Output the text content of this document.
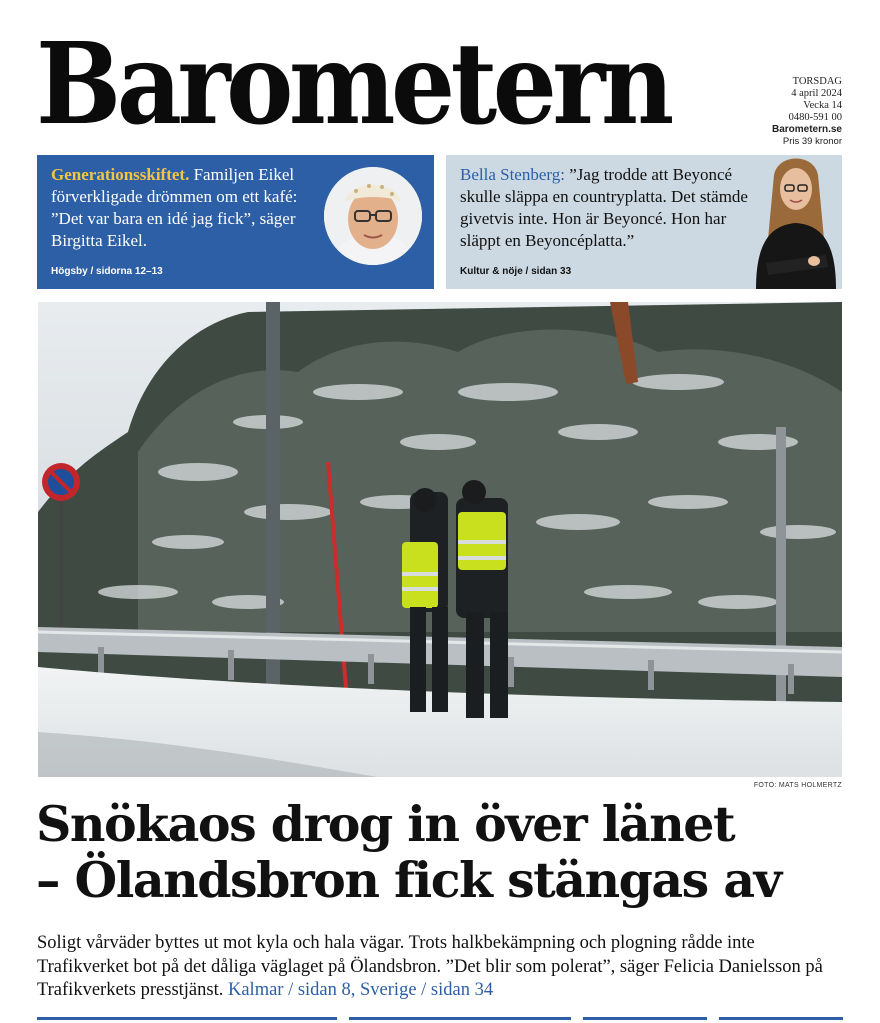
Barometern	TORSDAG
4 april 2024
Vecka 14
0480-591 00
Barometern.se
Pris 39 kronor
Generationsskiftet. Familjen Eikel förverkligade drömmen om ett kafé: ”Det var bara en idé jag fick”, säger Birgitta Eikel.
Högsby / sidorna 12–13
Bella Stenberg: ”Jag trodde att Beyoncé skulle släppa en countryplatta. Det stämde givetvis inte. Hon är Beyoncé. Hon har släppt en Beyoncéplatta.”
Kultur & nöje / sidan 33
FOTO: MATS HOLMERTZ
Snökaos drog in över länet
– Ölandsbron fick stängas av
Soligt vårväder byttes ut mot kyla och hala vägar. Trots halkbekämpning och plogning rådde inte Trafikverket bot på det dåliga väglaget på Ölandsbron. ”Det blir som polerat”, säger Felicia Danielsson på Trafikverkets presstjänst. Kalmar / sidan 8, Sverige / sidan 34
